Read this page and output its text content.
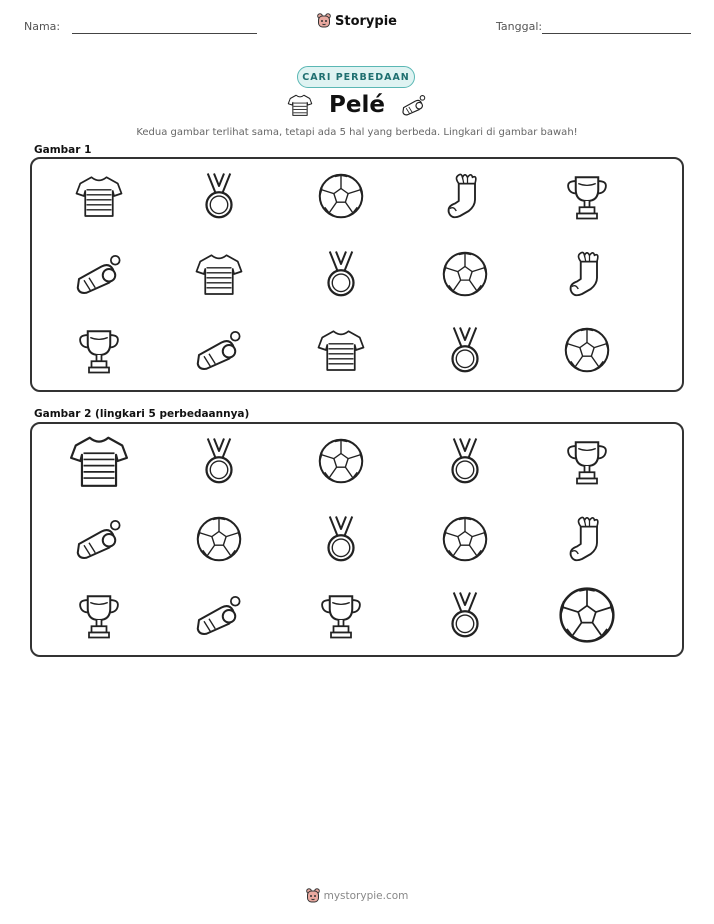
Nama:	Storypie	Tanggal:
CARI PERBEDAAN
Pelé
Kedua gambar terlihat sama, tetapi ada 5 hal yang berbeda. Lingkari di gambar bawah!
Gambar 1
Gambar 2 (lingkari 5 perbedaannya)
mystorypie.com
